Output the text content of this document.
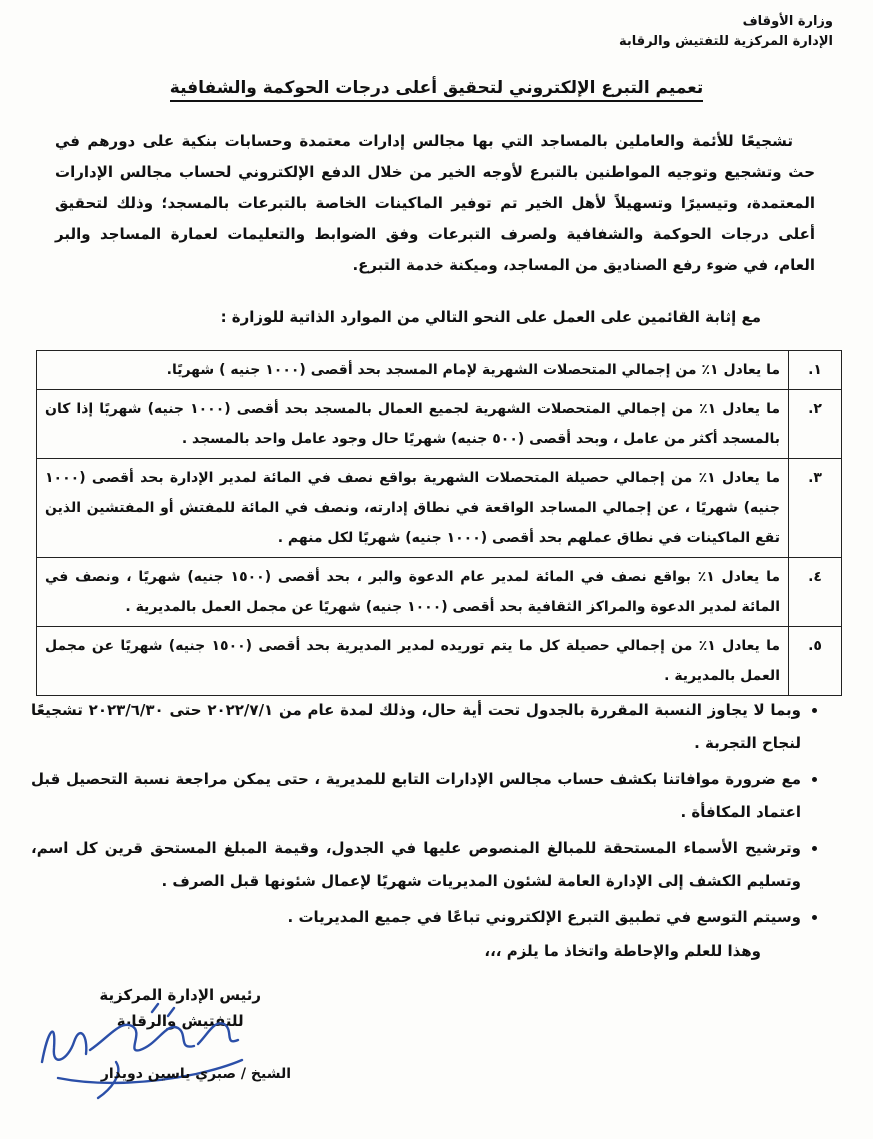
وزارة الأوقاف
الإدارة المركزية للتفتيش والرقابة
تعميم التبرع الإلكتروني لتحقيق أعلى درجات الحوكمة والشفافية

تشجيعًا للأئمة والعاملين بالمساجد التي بها مجالس إدارات معتمدة وحسابات بنكية على دورهم في حث وتشجيع وتوجيه المواطنين بالتبرع لأوجه الخير من خلال الدفع الإلكتروني لحساب مجالس الإدارات المعتمدة، وتيسيرًا وتسهيلاً لأهل الخير تم توفير الماكينات الخاصة بالتبرعات بالمسجد؛ وذلك لتحقيق أعلى درجات الحوكمة والشفافية ولصرف التبرعات وفق الضوابط والتعليمات لعمارة المساجد والبر العام، في ضوء رفع الصناديق من المساجد، وميكنة خدمة التبرع.

مع إثابة القائمين على العمل على النحو التالي من الموارد الذاتية للوزارة :
١.	ما يعادل ١٪ من إجمالي المتحصلات الشهرية لإمام المسجد بحد أقصى (١٠٠٠ جنيه ) شهريًا.
٢.	ما يعادل ١٪ من إجمالي المتحصلات الشهرية لجميع العمال بالمسجد بحد أقصى (١٠٠٠ جنيه) شهريًا إذا كان بالمسجد أكثر من عامل ، وبحد أقصى (٥٠٠ جنيه) شهريًا حال وجود عامل واحد بالمسجد .
٣.	ما يعادل ١٪ من إجمالي حصيلة المتحصلات الشهرية بواقع نصف في المائة لمدير الإدارة بحد أقصى (١٠٠٠ جنيه) شهريًا ، عن إجمالي المساجد الواقعة في نطاق إدارته، ونصف في المائة للمفتش أو المفتشين الذين تقع الماكينات في نطاق عملهم بحد أقصى (١٠٠٠ جنيه) شهريًا لكل منهم .
٤.	ما يعادل ١٪ بواقع نصف في المائة لمدير عام الدعوة والبر ، بحد أقصى (١٥٠٠ جنيه) شهريًا ، ونصف في المائة لمدير الدعوة والمراكز الثقافية بحد أقصى (١٠٠٠ جنيه) شهريًا عن مجمل العمل بالمديرية .
٥.	ما يعادل ١٪ من إجمالي حصيلة كل ما يتم توريده لمدير المديرية بحد أقصى (١٥٠٠ جنيه) شهريًا عن مجمل العمل بالمديرية .
• وبما لا يجاوز النسبة المقررة بالجدول تحت أية حال، وذلك لمدة عام من ٢٠٢٢/٧/١ حتى ٢٠٢٣/٦/٣٠ تشجيعًا لنجاح التجربة .
• مع ضرورة موافاتنا بكشف حساب مجالس الإدارات التابع للمديرية ، حتى يمكن مراجعة نسبة التحصيل قبل اعتماد المكافأة .
• وترشيح الأسماء المستحقة للمبالغ المنصوص عليها في الجدول، وقيمة المبلغ المستحق قرين كل اسم، وتسليم الكشف إلى الإدارة العامة لشئون المديريات شهريًا لإعمال شئونها قبل الصرف .
• وسيتم التوسع في تطبيق التبرع الإلكتروني تباعًا في جميع المديريات .
وهذا للعلم والإحاطة واتخاذ ما يلزم ،،،
رئيس الإدارة المركزية
للتفتيش والرقابة
الشيخ / صبري ياسين دويدار
